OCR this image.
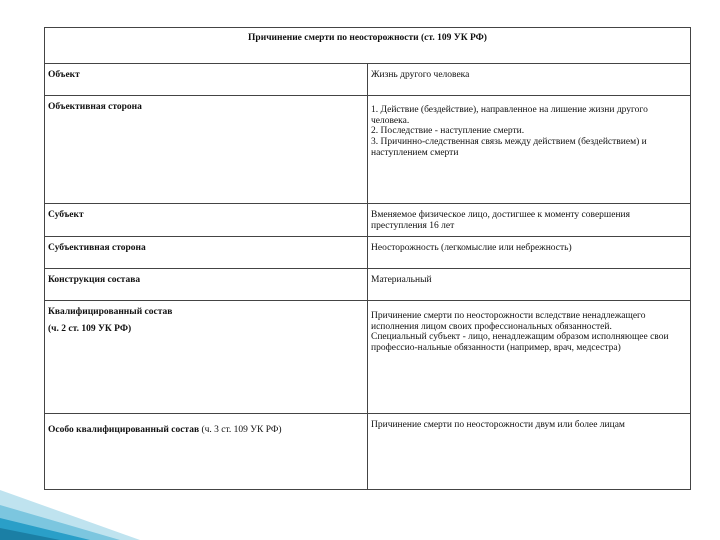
Причинение смерти по неосторожности (ст. 109 УК РФ)	
Объект	Жизнь другого человека
Объективная сторона	1. Действие (бездействие), направленное на лишение жизни другого человека.
2. Последствие - наступление смерти.
3. Причинно-следственная связь между действием (бездействием) и наступлением смерти

Субъект	Вменяемое физическое лицо, достигшее к моменту совершения преступления 16 лет
Субъективная сторона	Неосторожность (легкомыслие или небрежность)
Конструкция состава	Материальный

Квалифицированный состав
(ч. 2 ст. 109 УК РФ)	Причинение смерти по неосторожности вследствие ненадлежащего исполнения лицом своих профессиональных обязанностей.
Специальный субъект - лицо, ненадлежащим образом исполняющее свои профессио-нальные обязанности (например, врач, медсестра)

Особо квалифицированный состав (ч. 3 ст. 109 УК РФ)	Причинение смерти по неосторожности двум или более лицам
